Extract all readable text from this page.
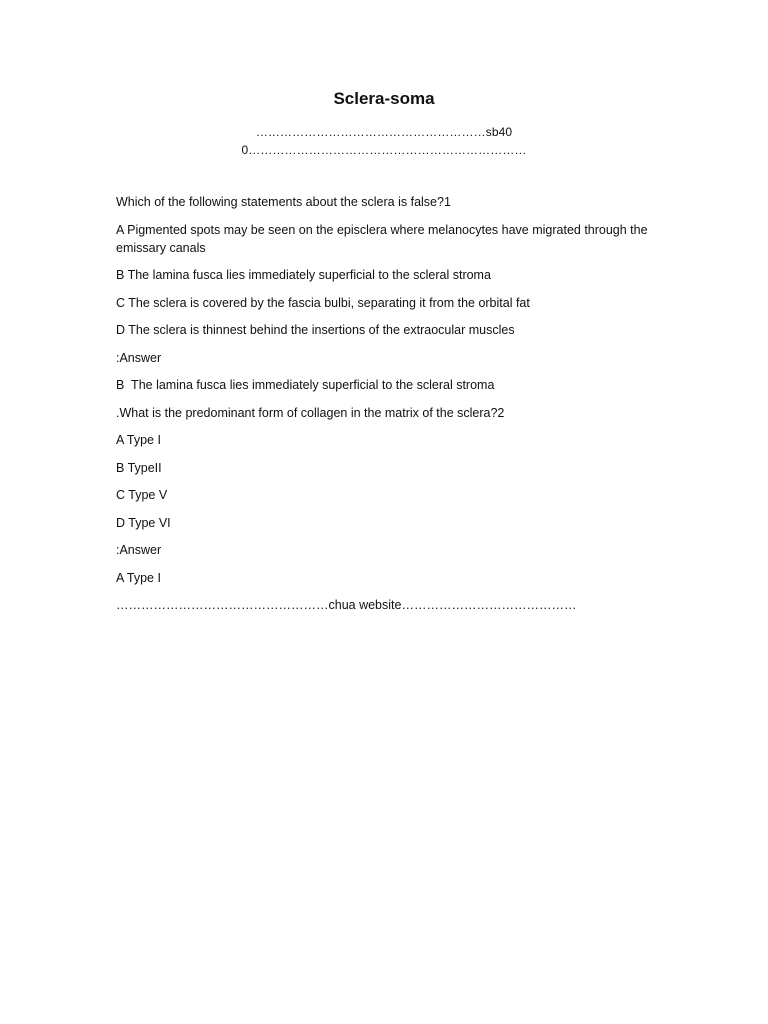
Sclera-soma
…………………………………………………sb400……………………………………………………………

Which of the following statements about the sclera is false?1

A Pigmented spots may be seen on the episclera where melanocytes have migrated through the emissary canals

B The lamina fusca lies immediately superficial to the scleral stroma

C The sclera is covered by the fascia bulbi, separating it from the orbital fat

D The sclera is thinnest behind the insertions of the extraocular muscles

:Answer

B  The lamina fusca lies immediately superficial to the scleral stroma

.What is the predominant form of collagen in the matrix of the sclera?2

A Type I

B TypeII

C Type V

D Type VI

:Answer

A Type I

……………………………………………chua website……………………………………
